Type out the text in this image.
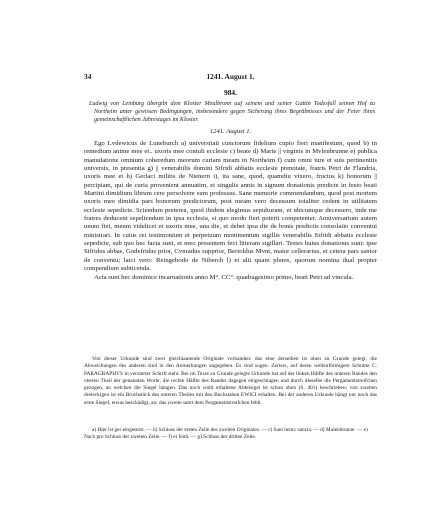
34	1241. August 1.
984.
Ludwig von Leinburg übergibt dem Kloster Meulbronn auf seinem und seiner Gattin Todesfall seinen Hof zu Northeim unter gewissen Bedingungen, insbesondere gegen Sicherung ihres Begräbnisses und der Feier ihres gemeinschaftlichen Jahrestages im Kloster.
1241. August 1.

Ego Lvdewicus de Luneburch a) universitati cunctorum fidelium cupio fieri manifestum, quod b) in remedium anime mee et.. uxoris mee contuli ecclesie c) beate d) Marie || virginis in Mvlenbrunne e) publica manudatione omnium coheredum meorum curiam meam in Northeim f) cum omni iure et suis pertinentiis universis, in presentia g) || venerabilis domini Sifridi abbatis ecclesie prenotate, fratris Petri de Flandria, uxoris mee et h) Gerlaci militis de Nienern i), ita sane, quod, quamdiu vixero, fructus k) bonorum || percipiam, qui de curia provenient annuatim, et singulis annis in signum donationis predicte in festo beati Martini dimidium librum cere persolvere sum professus. Sane memorie commendandum, quod post mortem uxoris mee dimidia pars bonorum predictorum, post meam vero decessum totaliter cedent in utilitatem ecclesie sepedicte. Sciendum preterea, quod ibidem elegimus sepulturam, et ubicumque decessero, inde me fratres deducent sepeliendum in ipsa ecclesia, si quo modo fieri poterit competenter. Anniversarium autem unum fiet, meum videlicet et uxoris mee, una die, et debet ipsa die de bonis predictis consolatio conventui ministrari. In cuius rei testimonium et perpetuum monimentum sigillis venerabilis Sifridi abbatis ecclesie sepedicte, sub quo hec facta sunt, et meo presentem feci litteram sigillari. Testes huius donationis sunt: ipse Sifridus abbas, Godefridus prior, Cvnradus supprior, Bertoldus Mvnt, maior cellerarius, et cetera pars sanior de conventu; laici vero: Reingebodo de Niberch l) et alii quam plures, quorum nomina dual propter compendium subticenda.

Acta sunt hec dominice incarnationis anno M°. CC°. quadragesimo primo, beati Petri ad vincula.

Von dieser Urkunde sind zwei gleichlautende Originale vorhanden: das eine derselben ist oben zu Grunde gelegt, die Abweichungen des anderen sind in den Anmerkungen angegeben. Es sind sogen. Zerters, auf deren wellenförmigem Schnitte C. PARAGRAPHVS in verzierter Schrift steht. Bei im Texte zu Grunde gelegte Urkunde hat auf der linken Hälfte des unteren Randes den oberen Theil der genannten Worte, die rechte Hälfte des Randes dagegen eingeschlagen und durch dieselbe die Pergamentstreifchen gezogen, an welchen die Siegel hängen. Das noch wohl erhaltene Abteisigel ist schon oben (S. 401) beschrieben; von zweiten dreieckigen ist ein Bruchstück des unteren Theiles mit den Buchstaben EWICI erhalten. Bei der anderen Urkunde hängt nur noch das erste Siegel, etwas beschädigt, an; das zweite samt dem Pergamentstreifchen fehlt.

a) Hier ist ger eingesetzt. — b) Schluss der ersten Zeile des zweiten Originales. — c) Sant heim: sancta. — d) Mulenbrunne. — e) Nach pro Schluss der zweiten Zeile. — f) et feith. — g) Schluss der dritten Zeile.
